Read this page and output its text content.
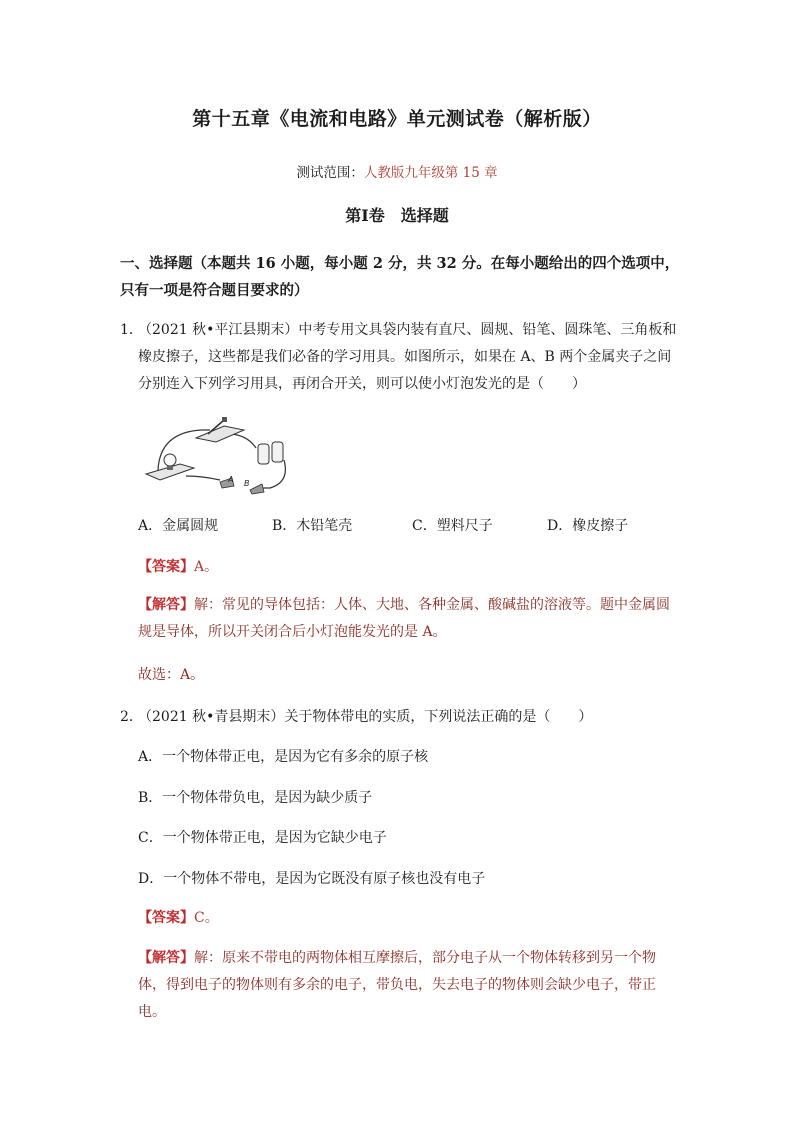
第十五章《电流和电路》单元测试卷（解析版）
测试范围：人教版九年级第 15 章
第Ⅰ卷　选择题
一、选择题（本题共 16 小题，每小题 2 分，共 32 分。在每小题给出的四个选项中，只有一项是符合题目要求的）
1．
（2021 秋•平江县期末）中考专用文具袋内装有直尺、圆规、铅笔、圆珠笔、三角板和橡皮擦子，这些都是我们必备的学习用具。如图所示，如果在 A、B 两个金属夹子之间分别连入下列学习用具，再闭合开关，则可以使小灯泡发光的是（　　）
A B
A．金属圆规	B．木铅笔壳	C．塑料尺子	D．橡皮擦子
【答案】A。
【解答】解：常见的导体包括：人体、大地、各种金属、酸碱盐的溶液等。题中金属圆规是导体，所以开关闭合后小灯泡能发光的是 A。
故选：A。
2．
（2021 秋•青县期末）关于物体带电的实质，下列说法正确的是（　　）
A．一个物体带正电，是因为它有多余的原子核
B．一个物体带负电，是因为缺少质子
C．一个物体带正电，是因为它缺少电子
D．一个物体不带电，是因为它既没有原子核也没有电子
【答案】C。
【解答】解：原来不带电的两物体相互摩擦后，部分电子从一个物体转移到另一个物体，得到电子的物体则有多余的电子，带负电，失去电子的物体则会缺少电子，带正电。
